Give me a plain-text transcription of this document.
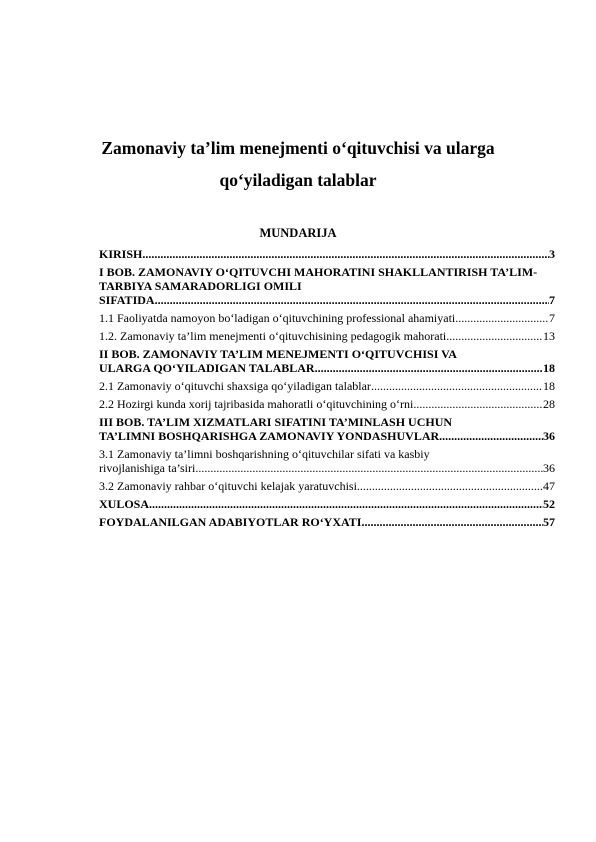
Zamonaviy ta’lim menejmenti o‘qituvchisi va ularga
qo‘yiladigan talablar
MUNDARIJA
KIRISH .....	3
I BOB. ZAMONAVIY O‘QITUVCHI MAHORATINI SHAKLLANTIRISH TA’LIM-TARBIYA SAMARADORLIGI OMILI
SIFATIDA .....	7
1.1 Faoliyatda namoyon bo‘ladigan o‘qituvchining professional ahamiyati .....	7
1.2. Zamonaviy ta’lim menejmenti o‘qituvchisining pedagogik mahorati .....	13
II BOB. ZAMONAVIY TA’LIM MENEJMENTI O‘QITUVCHISI VA
ULARGA QO‘YILADIGAN TALABLAR .....	18
2.1 Zamonaviy o‘qituvchi shaxsiga qo‘yiladigan talablar .....	18
2.2 Hozirgi kunda xorij tajribasida mahoratli o‘qituvchining o‘rni .....	28
III BOB. TA’LIM XIZMATLARI SIFATINI TA’MINLASH UCHUN
TA’LIMNI BOSHQARISHGA ZAMONAVIY YONDASHUVLAR .....	36
3.1 Zamonaviy ta’limni boshqarishning o‘qituvchilar sifati va kasbiy
rivojlanishiga ta’siri .....	36
3.2 Zamonaviy rahbar o‘qituvchi kelajak yaratuvchisi .....	47
XULOSA .....	52
FOYDALANILGAN ADABIYOTLAR RO‘YXATI .....	57
